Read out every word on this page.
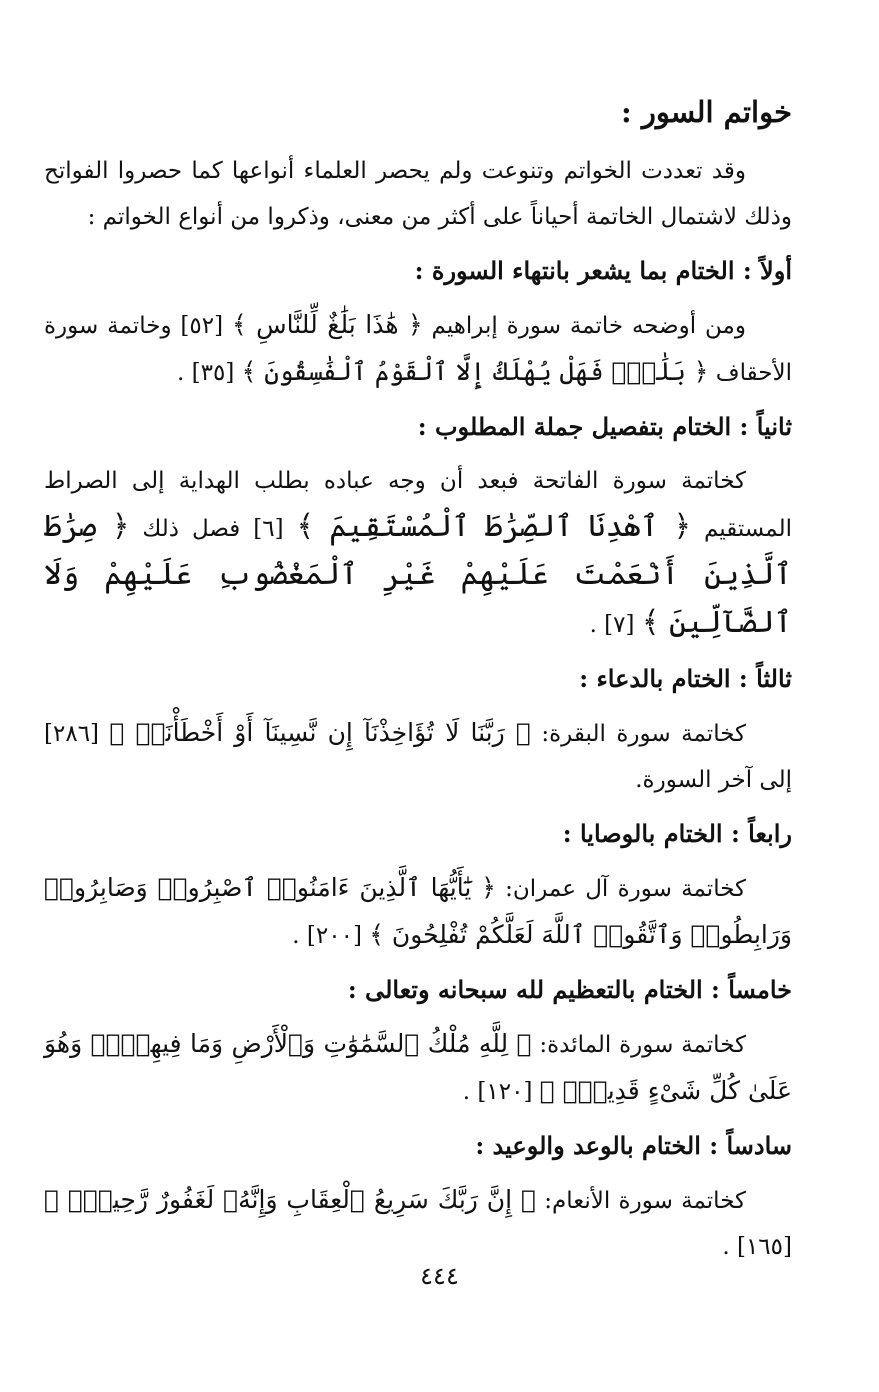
خواتم السور :

وقد تعددت الخواتم وتنوعت ولم يحصر العلماء أنواعها كما حصروا الفواتح وذلك لاشتمال الخاتمة أحياناً على أكثر من معنى، وذكروا من أنواع الخواتم :

أولاً : الختام بما يشعر بانتهاء السورة :

ومن أوضحه خاتمة سورة إبراهيم ﴿ هَٰذَا بَلَٰغٌ لِّلنَّاسِ ﴾ [٥٢] وخاتمة سورة الأحقاف ﴿ بَلَٰغٌۚ فَهَلْ يُهْلَكُ إِلَّا ٱلْقَوْمُ ٱلْفَٰسِقُونَ ﴾ [٣٥] .

ثانياً : الختام بتفصيل جملة المطلوب :

كخاتمة سورة الفاتحة فبعد أن وجه عباده بطلب الهداية إلى الصراط المستقيم ﴿ ٱهْدِنَا ٱلصِّرَٰطَ ٱلْمُسْتَقِيمَ ﴾ [٦] فصل ذلك ﴿ صِرَٰطَ ٱلَّذِينَ أَنْعَمْتَ عَلَيْهِمْ غَيْرِ ٱلْمَغْضُوبِ عَلَيْهِمْ وَلَا ٱلضَّآلِّينَ ﴾ [٧] .

ثالثاً : الختام بالدعاء :

كخاتمة سورة البقرة: ﴿ رَبَّنَا لَا تُؤَاخِذْنَآ إِن نَّسِينَآ أَوْ أَخْطَأْنَاۚ ﴾ [٢٨٦] إلى آخر السورة.

رابعاً : الختام بالوصايا :

كخاتمة سورة آل عمران: ﴿ يَٰٓأَيُّهَا ٱلَّذِينَ ءَامَنُوا۟ ٱصْبِرُوا۟ وَصَابِرُوا۟ وَرَابِطُوا۟ وَٱتَّقُوا۟ ٱللَّهَ لَعَلَّكُمْ تُفْلِحُونَ ﴾ [٢٠٠] .

خامساً : الختام بالتعظيم لله سبحانه وتعالى :

كخاتمة سورة المائدة: ﴿ لِلَّهِ مُلْكُ ٱلسَّمَٰوَٰتِ وَٱلْأَرْضِ وَمَا فِيهِنَّۚ وَهُوَ عَلَىٰ كُلِّ شَىْءٍ قَدِيرٌۢ ﴾ [١٢٠] .

سادساً : الختام بالوعد والوعيد :

كخاتمة سورة الأنعام: ﴿ إِنَّ رَبَّكَ سَرِيعُ ٱلْعِقَابِ وَإِنَّهُۥ لَغَفُورٌ رَّحِيمٌۢ ﴾ [١٦٥] .

٤٤٤
